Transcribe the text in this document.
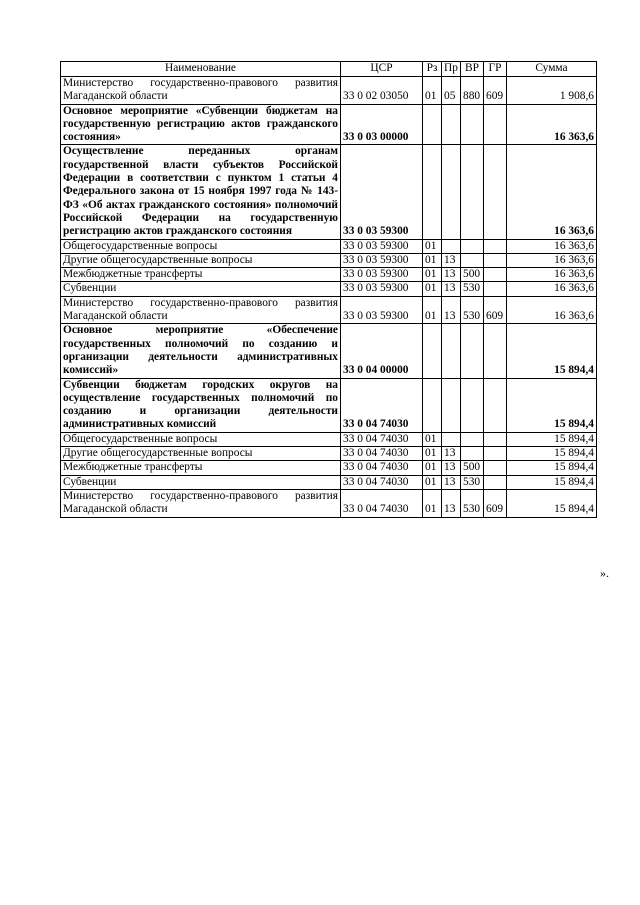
Наименование	ЦСР	Рз	Пр	ВР	ГР	Сумма
Министерство государственно-правового развития Магаданской области	33 0 02 03050	01	05	880	609	1 908,6
Основное мероприятие «Субвенции бюджетам на государственную регистрацию актов гражданского состояния»	33 0 03 00000					16 363,6
Осуществление переданных органам государственной власти субъектов Российской Федерации в соответствии с пунктом 1 статьи 4 Федерального закона от 15 ноября 1997 года № 143-ФЗ «Об актах гражданского состояния» полномочий Российской Федерации на государственную регистрацию актов гражданского состояния	33 0 03 59300					16 363,6
Общегосударственные вопросы	33 0 03 59300	01				16 363,6
Другие общегосударственные вопросы	33 0 03 59300	01	13			16 363,6
Межбюджетные трансферты	33 0 03 59300	01	13	500		16 363,6
Субвенции	33 0 03 59300	01	13	530		16 363,6
Министерство государственно-правового развития Магаданской области	33 0 03 59300	01	13	530	609	16 363,6
Основное мероприятие «Обеспечение государственных полномочий по созданию и организации деятельности административных комиссий»	33 0 04 00000					15 894,4
Субвенции бюджетам городских округов на осуществление государственных полномочий по созданию и организации деятельности административных комиссий	33 0 04 74030					15 894,4
Общегосударственные вопросы	33 0 04 74030	01				15 894,4
Другие общегосударственные вопросы	33 0 04 74030	01	13			15 894,4
Межбюджетные трансферты	33 0 04 74030	01	13	500		15 894,4
Субвенции	33 0 04 74030	01	13	530		15 894,4
Министерство государственно-правового развития Магаданской области	33 0 04 74030	01	13	530	609	15 894,4
».
